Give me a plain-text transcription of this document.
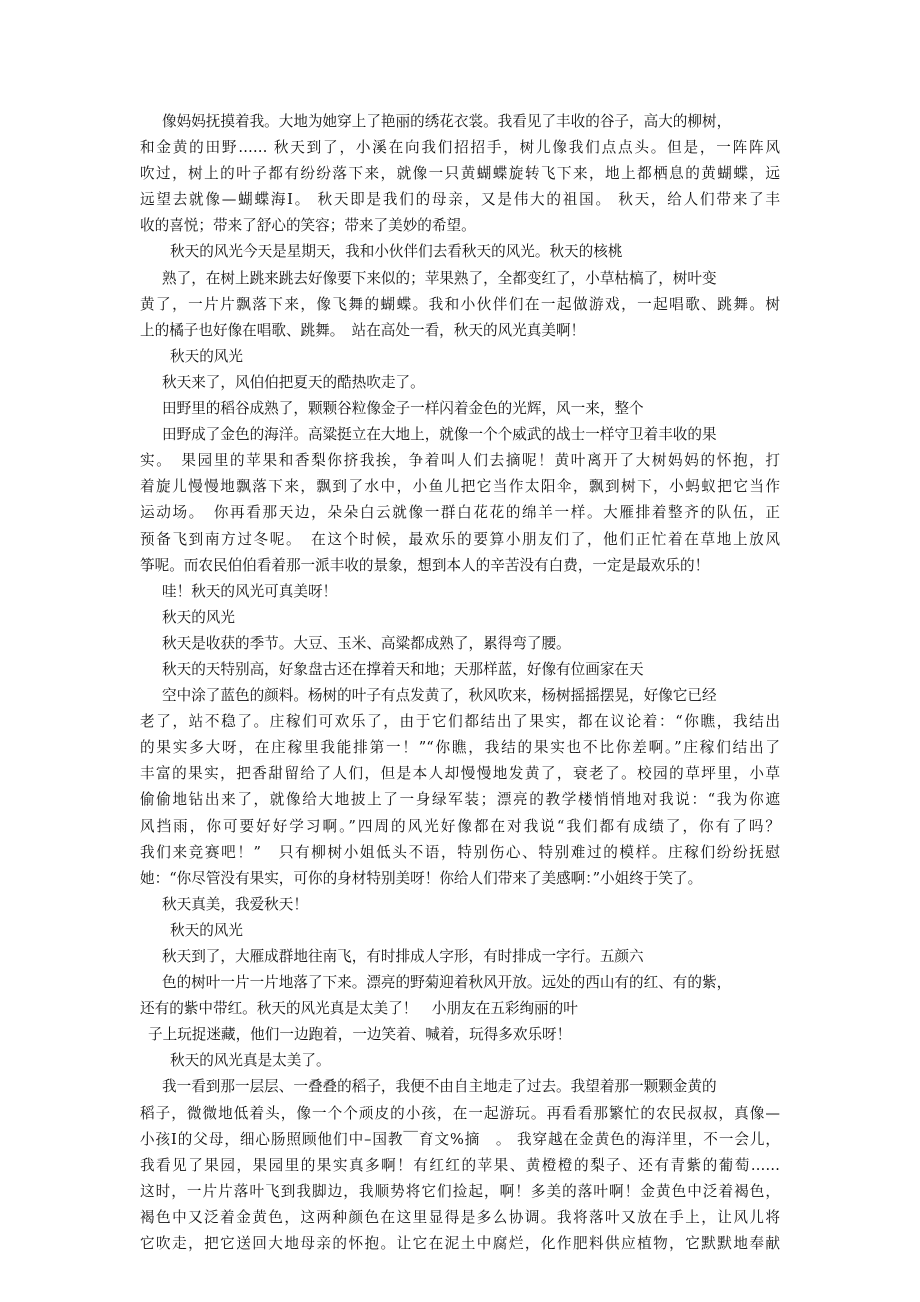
像妈妈抚摸着我。大地为她穿上了艳丽的绣花衣裳。我看见了丰收的谷子，高大的柳树，
和金黄的田野…… 秋天到了，小溪在向我们招招手，树儿像我们点点头。但是，一阵阵风
吹过，树上的叶子都有纷纷落下来，就像一只黄蝴蝶旋转飞下来，地上都栖息的黄蝴蝶，远
远望去就像—蝴蝶海Ⅰ。 秋天即是我们的母亲，又是伟大的祖国。 秋天，给人们带来了丰
收的喜悦；带来了舒心的笑容；带来了美妙的希望。
秋天的风光今天是星期天，我和小伙伴们去看秋天的风光。秋天的核桃
熟了，在树上跳来跳去好像要下来似的；苹果熟了，全都变红了，小草枯槁了，树叶变
黄了，一片片飘落下来，像飞舞的蝴蝶。我和小伙伴们在一起做游戏，一起唱歌、跳舞。树
上的橘子也好像在唱歌、跳舞。　站在高处一看，秋天的风光真美啊！
秋天的风光
秋天来了，风伯伯把夏天的酷热吹走了。
田野里的稻谷成熟了，颗颗谷粒像金子一样闪着金色的光辉，风一来，整个
田野成了金色的海洋。高粱挺立在大地上，就像一个个威武的战士一样守卫着丰收的果
实。　果园里的苹果和香梨你挤我挨，争着叫人们去摘呢！黄叶离开了大树妈妈的怀抱，打
着旋儿慢慢地飘落下来，飘到了水中，小鱼儿把它当作太阳伞，飘到树下，小蚂蚁把它当作
运动场。　你再看那天边，朵朵白云就像一群白花花的绵羊一样。大雁排着整齐的队伍，正
预备飞到南方过冬呢。　在这个时候，最欢乐的要算小朋友们了，他们正忙着在草地上放风
筝呢。而农民伯伯看着那一派丰收的景象，想到本人的辛苦没有白费，一定是最欢乐的！
哇！秋天的风光可真美呀！
秋天的风光
秋天是收获的季节。大豆、玉米、高粱都成熟了，累得弯了腰。
秋天的天特别高，好象盘古还在撑着天和地；天那样蓝，好像有位画家在天
空中涂了蓝色的颜料。杨树的叶子有点发黄了，秋风吹来，杨树摇摇摆晃，好像它已经
老了，站不稳了。庄稼们可欢乐了，由于它们都结出了果实，都在议论着：“你瞧，我结出
的果实多大呀，在庄稼里我能排第一！”“你瞧，我结的果实也不比你差啊。”庄稼们结出了
丰富的果实，把香甜留给了人们，但是本人却慢慢地发黄了，衰老了。校园的草坪里，小草
偷偷地钻出来了，就像给大地披上了一身绿军装；漂亮的教学楼悄悄地对我说：“我为你遮
风挡雨，你可要好好学习啊。”四周的风光好像都在对我说“我们都有成绩了，你有了吗？
我们来竞赛吧！”　只有柳树小姐低头不语，特别伤心、特别难过的模样。庄稼们纷纷抚慰
她：“你尽管没有果实，可你的身材特别美呀！你给人们带来了美感啊：”小姐终于笑了。
秋天真美，我爱秋天！
秋天的风光
秋天到了，大雁成群地往南飞，有时排成人字形，有时排成一字行。五颜六
色的树叶一片一片地落了下来。漂亮的野菊迎着秋风开放。远处的西山有的红、有的紫，
还有的紫中带红。秋天的风光真是太美了！　小朋友在五彩绚丽的叶
子上玩捉迷藏，他们一边跑着，一边笑着、喊着，玩得多欢乐呀！
秋天的风光真是太美了。
我一看到那一层层、一叠叠的稻子，我便不由自主地走了过去。我望着那一颗颗金黄的
稻子，微微地低着头，像一个个顽皮的小孩，在一起游玩。再看看那繁忙的农民叔叔，真像—
小孩I的父母，细心肠照顾他们中–国教￣育文%摘　。 我穿越在金黄色的海洋里，不一会儿，
我看见了果园，果园里的果实真多啊！有红红的苹果、黄橙橙的梨子、还有青紫的葡萄……
这时，一片片落叶飞到我脚边，我顺势将它们捡起，啊！多美的落叶啊！金黄色中泛着褐色，
褐色中又泛着金黄色，这两种颜色在这里显得是多么协调。我将落叶又放在手上，让风儿将
它吹走，把它送回大地母亲的怀抱。让它在泥土中腐烂，化作肥料供应植物，它默默地奉献
